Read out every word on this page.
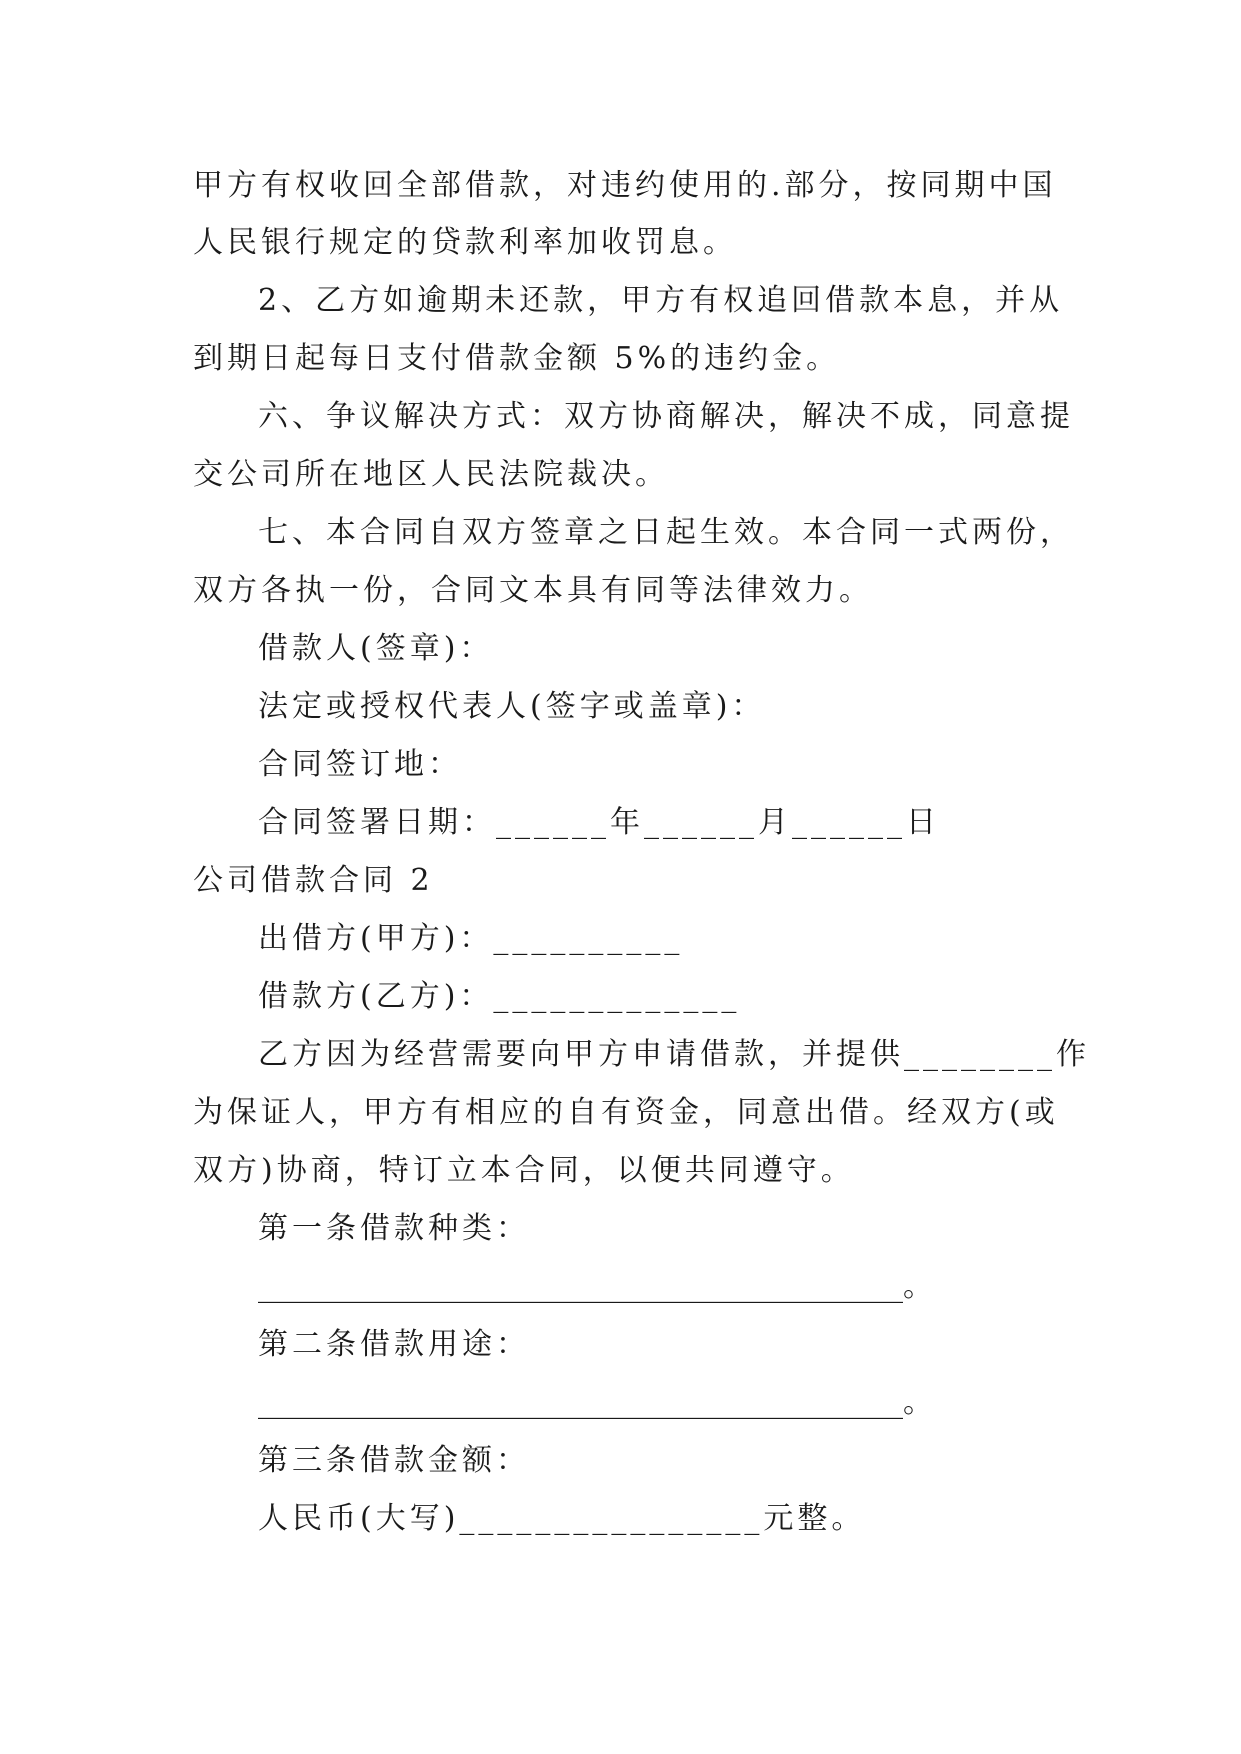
甲方有权收回全部借款，对违约使用的.部分，按同期中国
人民银行规定的贷款利率加收罚息。
2、乙方如逾期未还款，甲方有权追回借款本息，并从
到期日起每日支付借款金额 5%的违约金。
六、争议解决方式：双方协商解决，解决不成，同意提
交公司所在地区人民法院裁决。
七、本合同自双方签章之日起生效。本合同一式两份，
双方各执一份，合同文本具有同等法律效力。
借款人(签章)：
法定或授权代表人(签字或盖章)：
合同签订地：
合同签署日期：______年______月______日
公司借款合同 2
出借方(甲方)：__________
借款方(乙方)：_____________
乙方因为经营需要向甲方申请借款，并提供________作
为保证人，甲方有相应的自有资金，同意出借。经双方(或
双方)协商，特订立本合同，以便共同遵守。
第一条借款种类：
___________________________________________。
第二条借款用途：
___________________________________________。
第三条借款金额：
人民币(大写)________________元整。
